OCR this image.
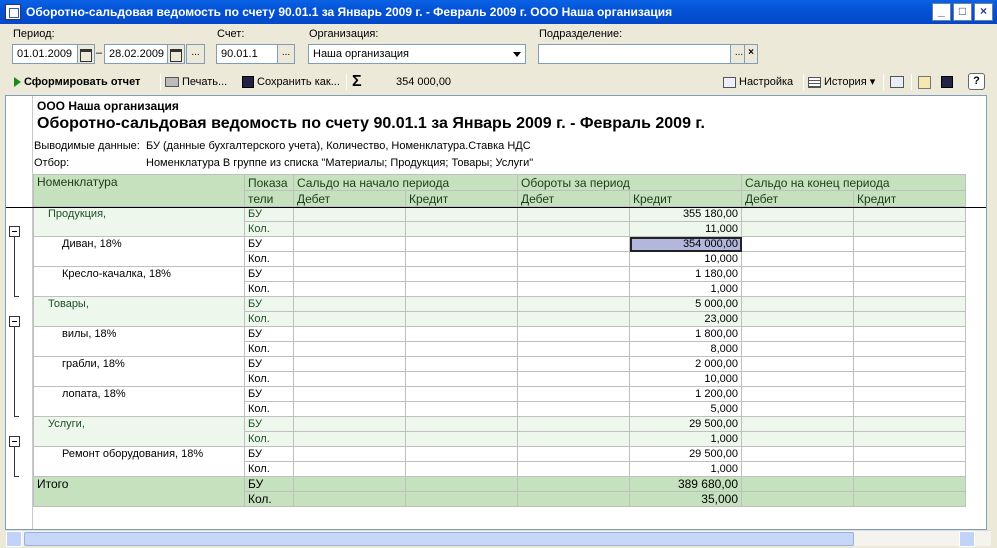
Оборотно-сальдовая ведомость по счету 90.01.1 за Январь 2009 г. - Февраль 2009 г. ООО Наша организация	_	□	×
Период:
01.01.2009	– 28.02.2009	...
Счет:
90.01.1	...
Организация:
Наша организация
Подразделение:
... ×
Сформировать отчет	Печать...	Сохранить как... Σ	354 000,00	Настройка	История ▾	?
ООО Наша организация
Оборотно-сальдовая ведомость по счету 90.01.1 за Январь 2009 г. - Февраль 2009 г.
Выводимые данные: БУ (данные бухгалтерского учета), Количество, Номенклатура.Ставка НДС
Отбор:	Номенклатура В группе из списка "Материалы; Продукция; Товары; Услуги"
Номенклатура	Показа	Сальдо на начало периода		Обороты за период		Сальдо на конец периода	
	тели	Дебет	Кредит	Дебет	Кредит	Дебет	Кредит
Продукция,	БУ				355 180,00		
	Кол.				11,000		
Диван, 18%	БУ				354 000,00		
	Кол.				10,000		
Кресло-качалка, 18%	БУ				1 180,00		
	Кол.				1,000		
Товары,	БУ				5 000,00		
	Кол.				23,000		
вилы, 18%	БУ				1 800,00		
	Кол.				8,000		
грабли, 18%	БУ				2 000,00		
	Кол.				10,000		
лопата, 18%	БУ				1 200,00		
	Кол.				5,000		
Услуги,	БУ				29 500,00		
	Кол.				1,000		
Ремонт оборудования, 18%	БУ				29 500,00		
	Кол.				1,000		
Итого	БУ				389 680,00		
	Кол.				35,000		
